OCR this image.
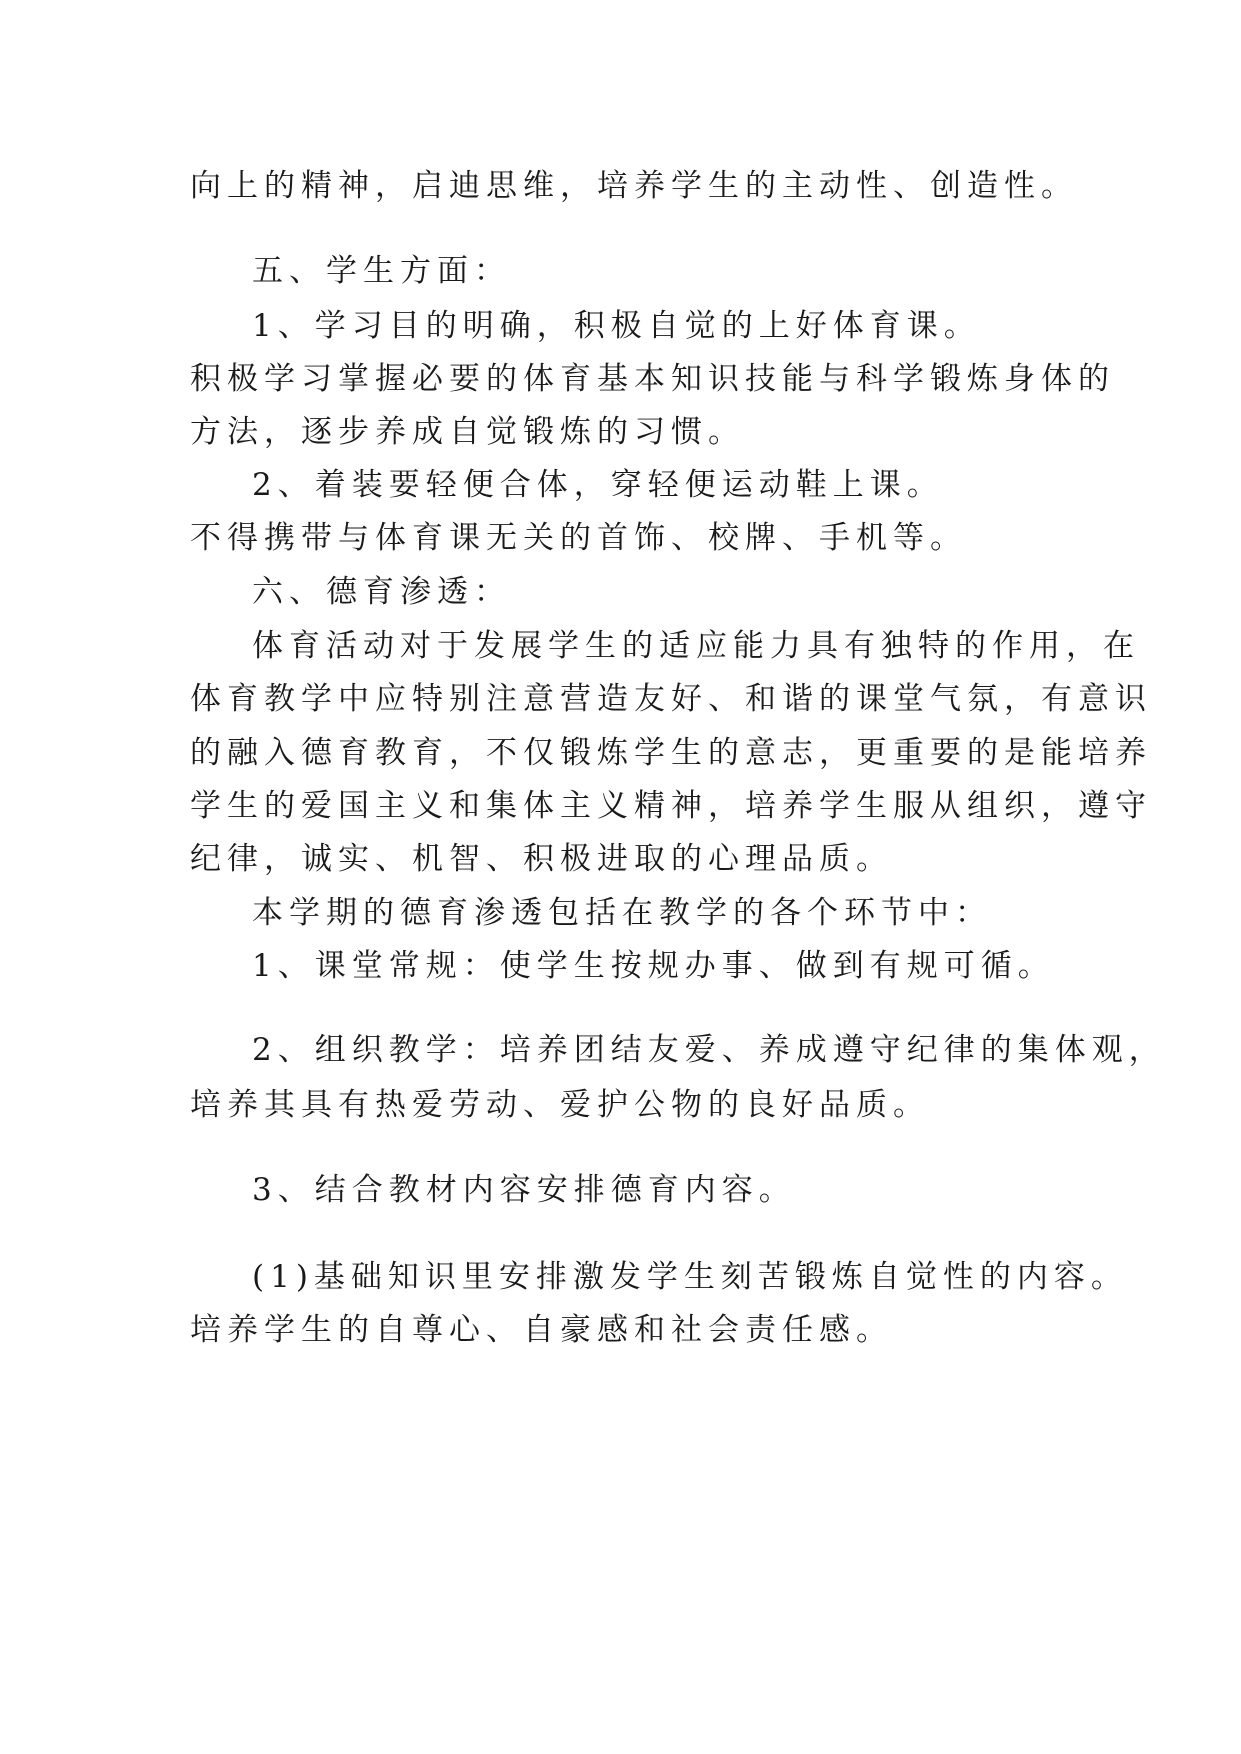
向上的精神，启迪思维，培养学生的主动性、创造性。
五、学生方面：
1、学习目的明确，积极自觉的上好体育课。
积极学习掌握必要的体育基本知识技能与科学锻炼身体的
方法，逐步养成自觉锻炼的习惯。
2、着装要轻便合体，穿轻便运动鞋上课。
不得携带与体育课无关的首饰、校牌、手机等。
六、德育渗透：
体育活动对于发展学生的适应能力具有独特的作用，在
体育教学中应特别注意营造友好、和谐的课堂气氛，有意识
的融入德育教育，不仅锻炼学生的意志，更重要的是能培养
学生的爱国主义和集体主义精神，培养学生服从组织，遵守
纪律，诚实、机智、积极进取的心理品质。
本学期的德育渗透包括在教学的各个环节中：
1、课堂常规：使学生按规办事、做到有规可循。
2、组织教学：培养团结友爱、养成遵守纪律的集体观，
培养其具有热爱劳动、爱护公物的良好品质。
3、结合教材内容安排德育内容。
(1)基础知识里安排激发学生刻苦锻炼自觉性的内容。
培养学生的自尊心、自豪感和社会责任感。
